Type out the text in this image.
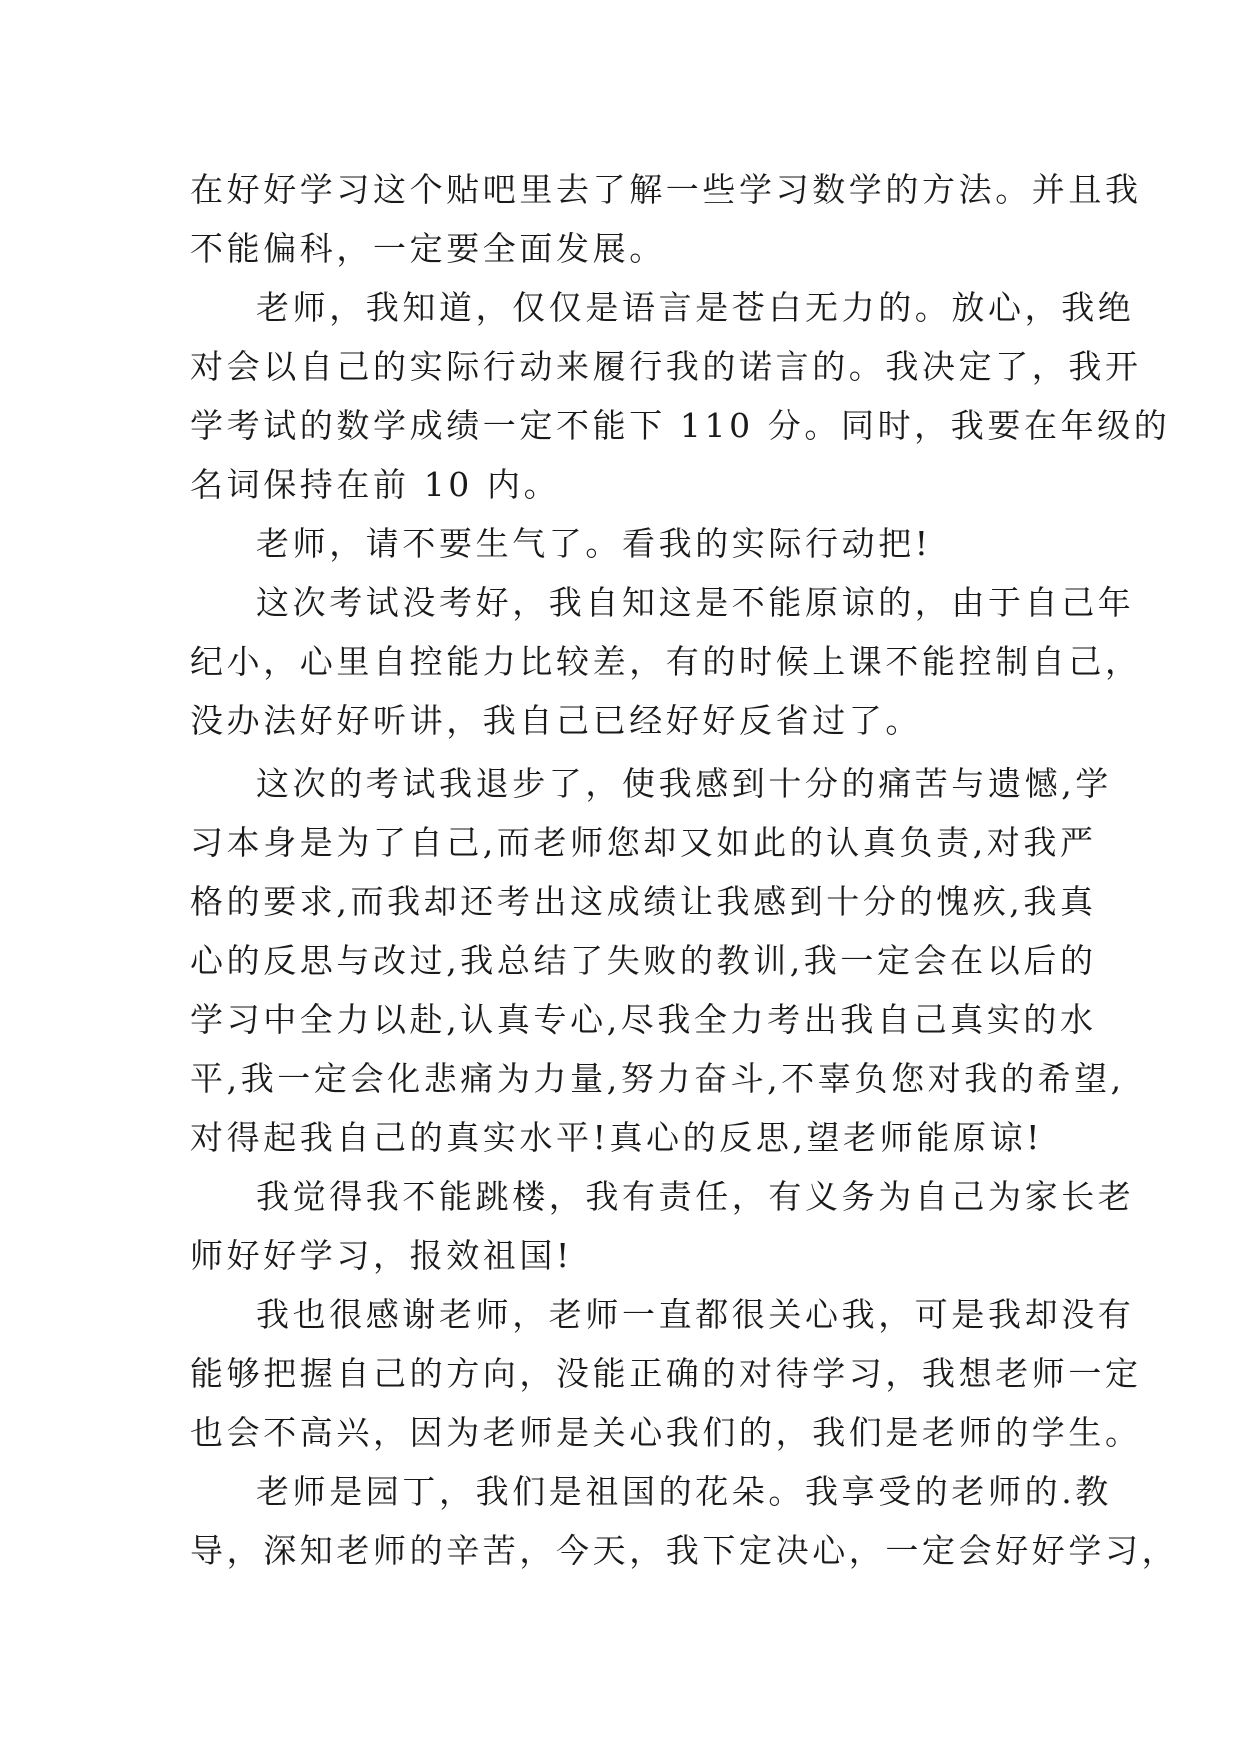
在好好学习这个贴吧里去了解一些学习数学的方法。并且我
不能偏科，一定要全面发展。
老师，我知道，仅仅是语言是苍白无力的。放心，我绝
对会以自己的实际行动来履行我的诺言的。我决定了，我开
学考试的数学成绩一定不能下 110 分。同时，我要在年级的
名词保持在前 10 内。
老师，请不要生气了。看我的实际行动把!
这次考试没考好，我自知这是不能原谅的，由于自己年
纪小，心里自控能力比较差，有的时候上课不能控制自己，
没办法好好听讲，我自己已经好好反省过了。
这次的考试我退步了，使我感到十分的痛苦与遗憾,学
习本身是为了自己,而老师您却又如此的认真负责,对我严
格的要求,而我却还考出这成绩让我感到十分的愧疚,我真
心的反思与改过,我总结了失败的教训,我一定会在以后的
学习中全力以赴,认真专心,尽我全力考出我自己真实的水
平,我一定会化悲痛为力量,努力奋斗,不辜负您对我的希望,
对得起我自己的真实水平!真心的反思,望老师能原谅!
我觉得我不能跳楼，我有责任，有义务为自己为家长老
师好好学习，报效祖国!
我也很感谢老师，老师一直都很关心我，可是我却没有
能够把握自己的方向，没能正确的对待学习，我想老师一定
也会不高兴，因为老师是关心我们的，我们是老师的学生。
老师是园丁，我们是祖国的花朵。我享受的老师的.教
导，深知老师的辛苦，今天，我下定决心，一定会好好学习，
